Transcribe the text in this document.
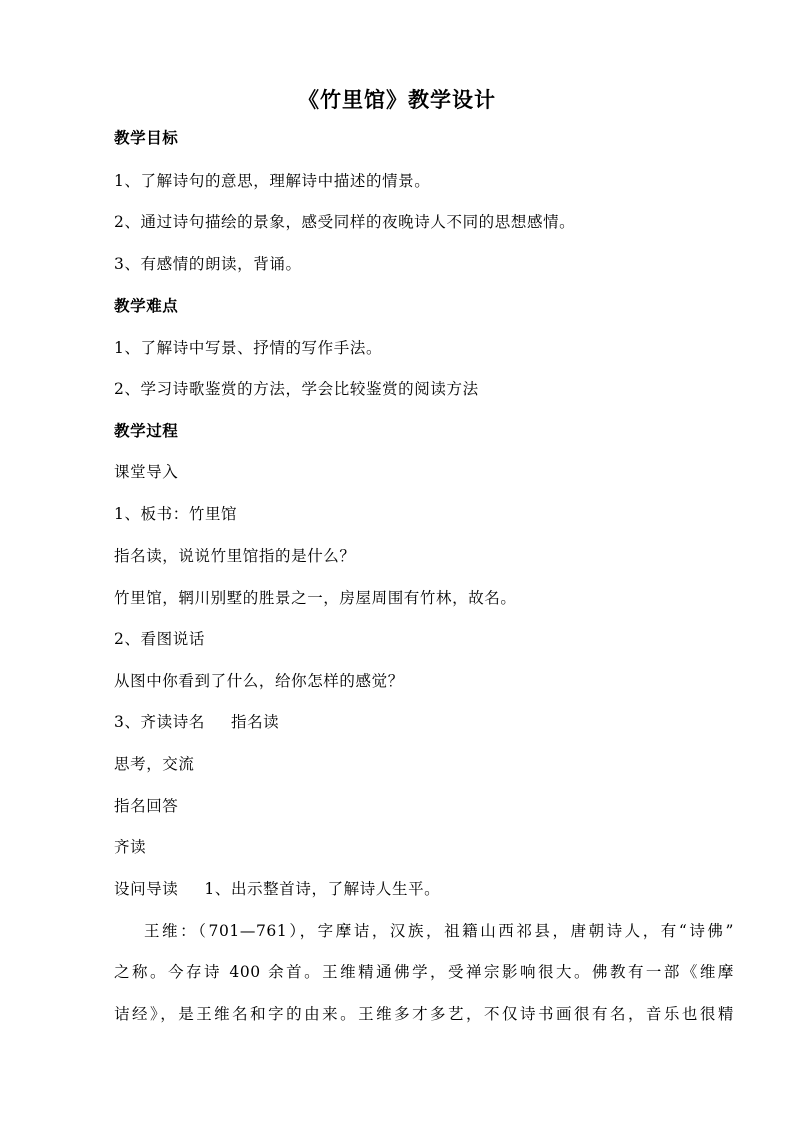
《竹里馆》教学设计

教学目标

1、了解诗句的意思，理解诗中描述的情景。

2、通过诗句描绘的景象，感受同样的夜晚诗人不同的思想感情。

3、有感情的朗读，背诵。

教学难点

1、了解诗中写景、抒情的写作手法。

2、学习诗歌鉴赏的方法，学会比较鉴赏的阅读方法

教学过程

课堂导入

1、板书：竹里馆

指名读，说说竹里馆指的是什么？

竹里馆，辋川别墅的胜景之一，房屋周围有竹林，故名。

2、看图说话

从图中你看到了什么，给你怎样的感觉？

3、齐读诗名 指名读

思考，交流

指名回答

齐读

设问导读 1、出示整首诗，了解诗人生平。

王维：（701—761），字摩诘，汉族，祖籍山西祁县，唐朝诗人，有“诗佛”

之称。今存诗 400 余首。王维精通佛学，受禅宗影响很大。佛教有一部《维摩

诘经》，是王维名和字的由来。王维多才多艺，不仅诗书画很有名，音乐也很精
